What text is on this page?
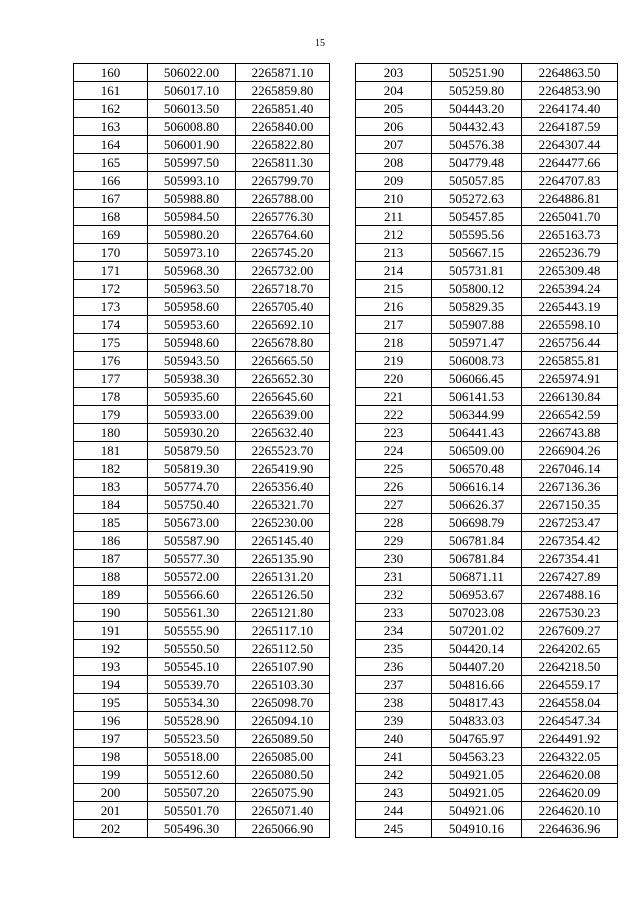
15
160	506022.00	2265871.10
161	506017.10	2265859.80
162	506013.50	2265851.40
163	506008.80	2265840.00
164	506001.90	2265822.80
165	505997.50	2265811.30
166	505993.10	2265799.70
167	505988.80	2265788.00
168	505984.50	2265776.30
169	505980.20	2265764.60
170	505973.10	2265745.20
171	505968.30	2265732.00
172	505963.50	2265718.70
173	505958.60	2265705.40
174	505953.60	2265692.10
175	505948.60	2265678.80
176	505943.50	2265665.50
177	505938.30	2265652.30
178	505935.60	2265645.60
179	505933.00	2265639.00
180	505930.20	2265632.40
181	505879.50	2265523.70
182	505819.30	2265419.90
183	505774.70	2265356.40
184	505750.40	2265321.70
185	505673.00	2265230.00
186	505587.90	2265145.40
187	505577.30	2265135.90
188	505572.00	2265131.20
189	505566.60	2265126.50
190	505561.30	2265121.80
191	505555.90	2265117.10
192	505550.50	2265112.50
193	505545.10	2265107.90
194	505539.70	2265103.30
195	505534.30	2265098.70
196	505528.90	2265094.10
197	505523.50	2265089.50
198	505518.00	2265085.00
199	505512.60	2265080.50
200	505507.20	2265075.90
201	505501.70	2265071.40
202	505496.30	2265066.90
203	505251.90	2264863.50
204	505259.80	2264853.90
205	504443.20	2264174.40
206	504432.43	2264187.59
207	504576.38	2264307.44
208	504779.48	2264477.66
209	505057.85	2264707.83
210	505272.63	2264886.81
211	505457.85	2265041.70
212	505595.56	2265163.73
213	505667.15	2265236.79
214	505731.81	2265309.48
215	505800.12	2265394.24
216	505829.35	2265443.19
217	505907.88	2265598.10
218	505971.47	2265756.44
219	506008.73	2265855.81
220	506066.45	2265974.91
221	506141.53	2266130.84
222	506344.99	2266542.59
223	506441.43	2266743.88
224	506509.00	2266904.26
225	506570.48	2267046.14
226	506616.14	2267136.36
227	506626.37	2267150.35
228	506698.79	2267253.47
229	506781.84	2267354.42
230	506781.84	2267354.41
231	506871.11	2267427.89
232	506953.67	2267488.16
233	507023.08	2267530.23
234	507201.02	2267609.27
235	504420.14	2264202.65
236	504407.20	2264218.50
237	504816.66	2264559.17
238	504817.43	2264558.04
239	504833.03	2264547.34
240	504765.97	2264491.92
241	504563.23	2264322.05
242	504921.05	2264620.08
243	504921.05	2264620.09
244	504921.06	2264620.10
245	504910.16	2264636.96
